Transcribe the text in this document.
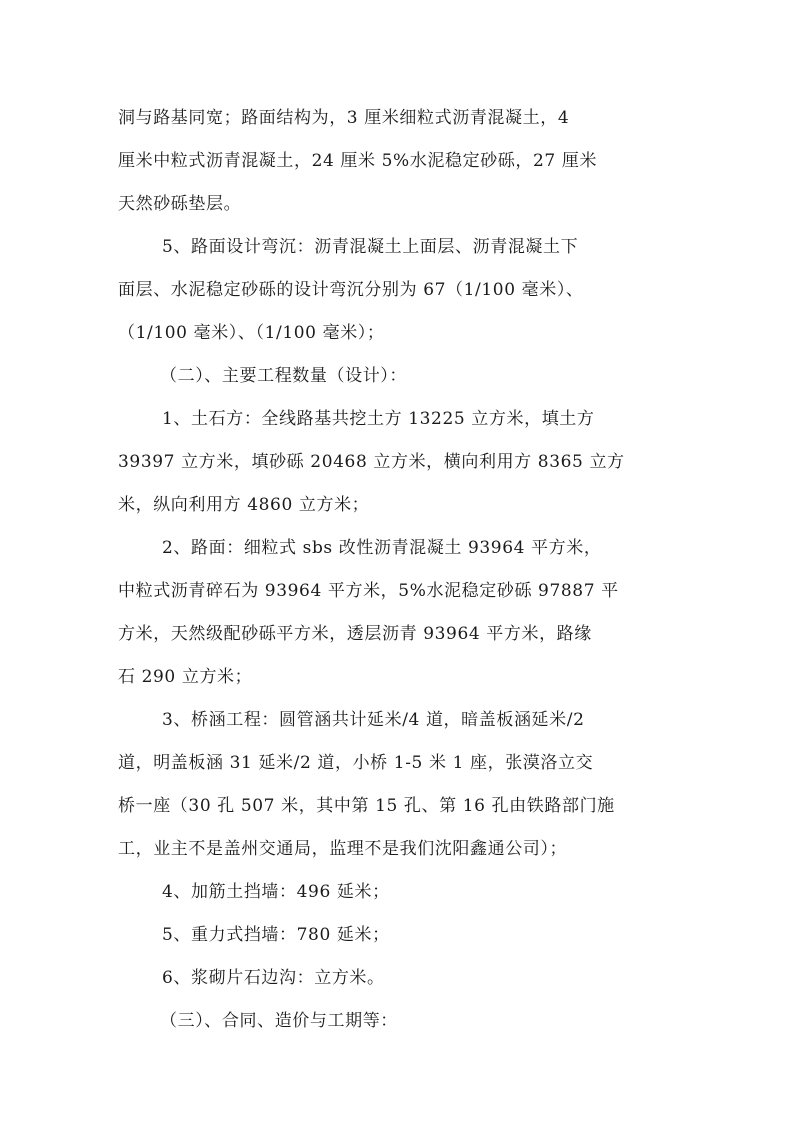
洞与路基同宽；路面结构为，3 厘米细粒式沥青混凝土，4
厘米中粒式沥青混凝土，24 厘米 5%水泥稳定砂砾，27 厘米
天然砂砾垫层。
5、路面设计弯沉：沥青混凝土上面层、沥青混凝土下
面层、水泥稳定砂砾的设计弯沉分别为 67（1/100 毫米）、
（1/100 毫米）、（1/100 毫米）；
（二）、主要工程数量（设计）：
1、土石方：全线路基共挖土方 13225 立方米，填土方
39397 立方米，填砂砾 20468 立方米，横向利用方 8365 立方
米，纵向利用方 4860 立方米；
2、路面：细粒式 sbs 改性沥青混凝土 93964 平方米，
中粒式沥青碎石为 93964 平方米，5%水泥稳定砂砾 97887 平
方米，天然级配砂砾平方米，透层沥青 93964 平方米，路缘
石 290 立方米；
3、桥涵工程：圆管涵共计延米/4 道，暗盖板涵延米/2
道，明盖板涵 31 延米/2 道，小桥 1-5 米 1 座，张漠洛立交
桥一座（30 孔 507 米，其中第 15 孔、第 16 孔由铁路部门施
工，业主不是盖州交通局，监理不是我们沈阳鑫通公司）；
4、加筋土挡墙：496 延米；
5、重力式挡墙：780 延米；
6、浆砌片石边沟：立方米。
（三）、合同、造价与工期等：
